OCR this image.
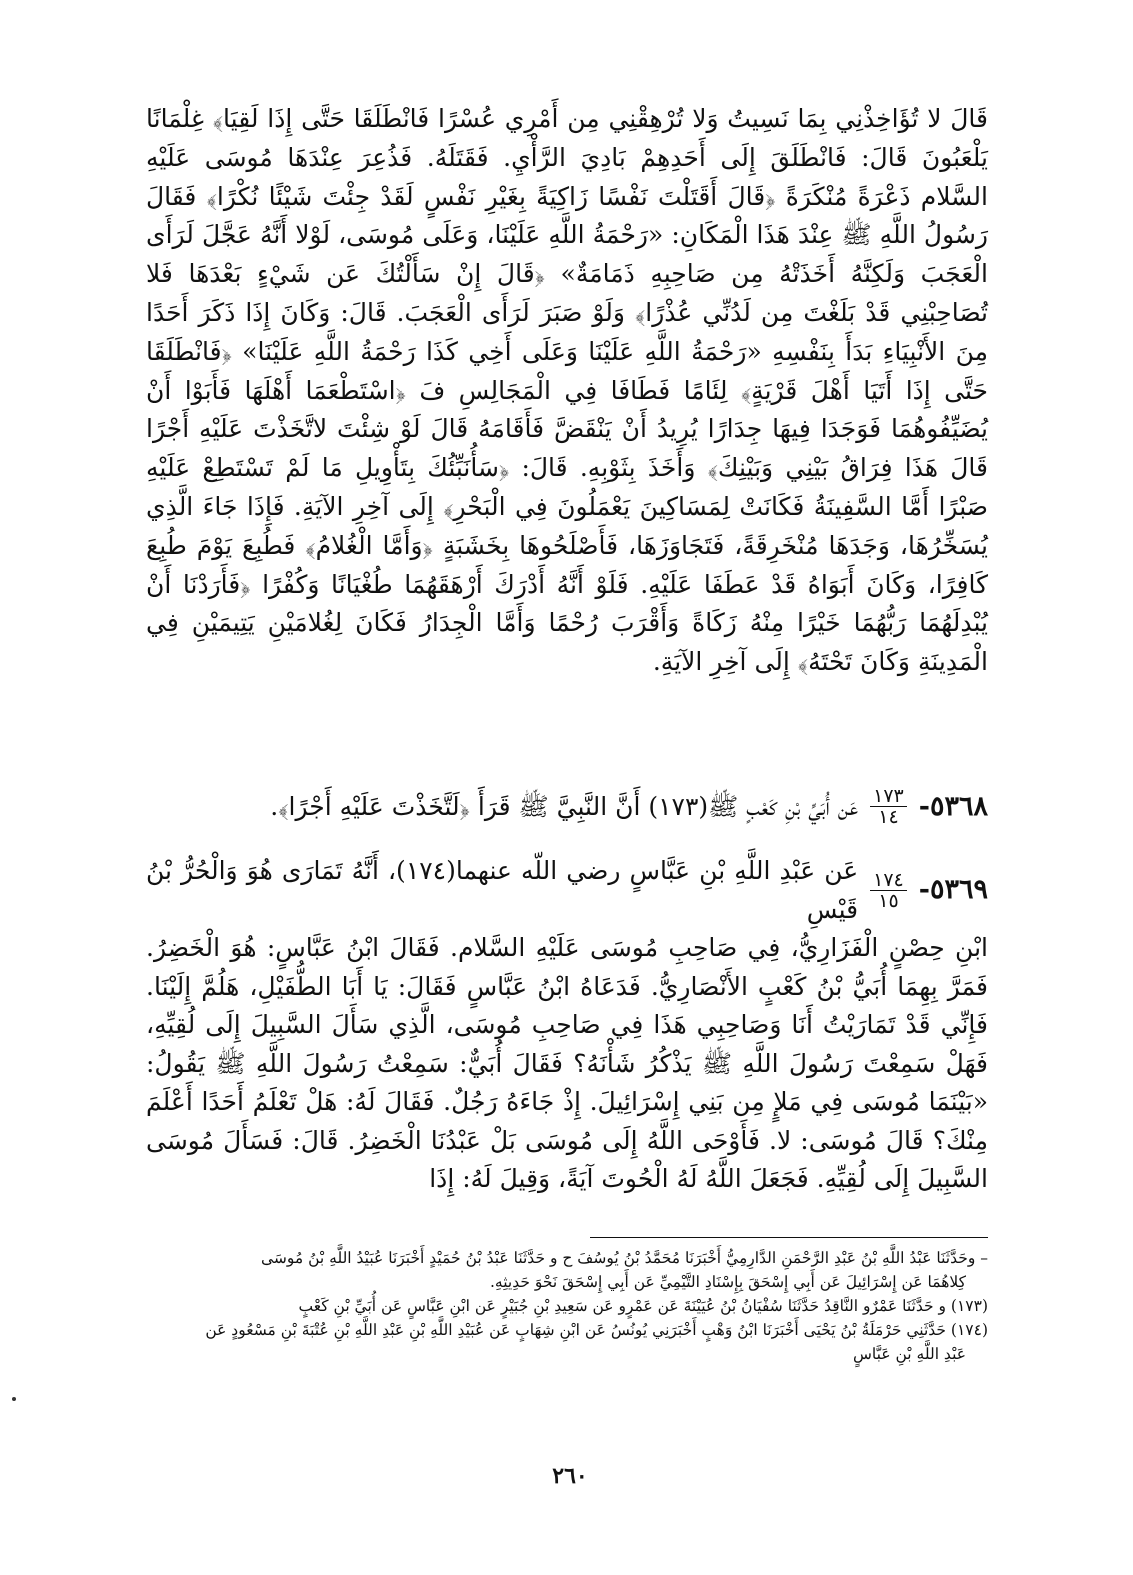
قَالَ لا تُؤَاخِذْنِي بِمَا نَسِيتُ وَلا تُرْهِقْنِي مِن أَمْرِي عُسْرًا فَانْطَلَقَا حَتَّى إِذَا لَقِيَا﴾ غِلْمَانًا يَلْعَبُونَ قَالَ: فَانْطَلَقَ إِلَى أَحَدِهِمْ بَادِيَ الرَّأْيِ. فَقَتَلَهُ. فَذُعِرَ عِنْدَهَا مُوسَى عَلَيْهِ السَّلام ذَعْرَةً مُنْكَرَةً ﴿قَالَ أَقَتَلْتَ نَفْسًا زَاكِيَةً بِغَيْرِ نَفْسٍ لَقَدْ جِئْتَ شَيْئًا نُكْرًا﴾ فَقَالَ رَسُولُ اللَّهِ ﷺ عِنْدَ هَذَا الْمَكَانِ: «رَحْمَةُ اللَّهِ عَلَيْنَا، وَعَلَى مُوسَى، لَوْلا أَنَّهُ عَجَّلَ لَرَأَى الْعَجَبَ وَلَكِنَّهُ أَخَذَتْهُ مِن صَاحِبِهِ ذَمَامَةٌ» ﴿قَالَ إِنْ سَأَلْتُكَ عَن شَيْءٍ بَعْدَهَا فَلا تُصَاحِبْنِي قَدْ بَلَغْتَ مِن لَدُنِّي عُذْرًا﴾ وَلَوْ صَبَرَ لَرَأَى الْعَجَبَ. قَالَ: وَكَانَ إِذَا ذَكَرَ أَحَدًا مِنَ الأَنْبِيَاءِ بَدَأَ بِنَفْسِهِ «رَحْمَةُ اللَّهِ عَلَيْنَا وَعَلَى أَخِي كَذَا رَحْمَةُ اللَّهِ عَلَيْنَا» ﴿فَانْطَلَقَا حَتَّى إِذَا أَتَيَا أَهْلَ قَرْيَةٍ﴾ لِئَامًا فَطَافَا فِي الْمَجَالِسِ فَ ﴿اسْتَطْعَمَا أَهْلَهَا فَأَبَوْا أَنْ يُضَيِّفُوهُمَا فَوَجَدَا فِيهَا جِدَارًا يُرِيدُ أَنْ يَنْقَضَّ فَأَقَامَهُ قَالَ لَوْ شِئْتَ لاتَّخَذْتَ عَلَيْهِ أَجْرًا قَالَ هَذَا فِرَاقُ بَيْنِي وَبَيْنِكَ﴾ وَأَخَذَ بِثَوْبِهِ. قَالَ: ﴿سَأُنَبِّئُكَ بِتَأْوِيلِ مَا لَمْ تَسْتَطِعْ عَلَيْهِ صَبْرًا أَمَّا السَّفِينَةُ فَكَانَتْ لِمَسَاكِينَ يَعْمَلُونَ فِي الْبَحْرِ﴾ إِلَى آخِرِ الآيَةِ. فَإِذَا جَاءَ الَّذِي يُسَخِّرُهَا، وَجَدَهَا مُنْخَرِقَةً، فَتَجَاوَزَهَا، فَأَصْلَحُوهَا بِخَشَبَةٍ ﴿وَأَمَّا الْغُلامُ﴾ فَطُبِعَ يَوْمَ طُبِعَ كَافِرًا، وَكَانَ أَبَوَاهُ قَدْ عَطَفَا عَلَيْهِ. فَلَوْ أَنَّهُ أَدْرَكَ أَرْهَقَهُمَا طُغْيَانًا وَكُفْرًا ﴿فَأَرَدْنَا أَنْ يُبْدِلَهُمَا رَبُّهُمَا خَيْرًا مِنْهُ زَكَاةً وَأَقْرَبَ رُحْمًا وَأَمَّا الْجِدَارُ فَكَانَ لِغُلامَيْنِ يَتِيمَيْنِ فِي الْمَدِينَةِ وَكَانَ تَحْتَهُ﴾ إِلَى آخِرِ الآيَةِ.

٥٣٦٨-
$\frac{١٧٣}{١٤}$
عَن أُبَيِّ بْنِ كَعْبٍ ﷺ(١٧٣) أَنَّ النَّبِيَّ ﷺ قَرَأَ ﴿لَتَّخَذْتَ عَلَيْهِ أَجْرًا﴾.
٥٣٦٩-
$\frac{١٧٤}{١٥}$
عَن عَبْدِ اللَّهِ بْنِ عَبَّاسٍ رضي اللّه عنهما(١٧٤)، أَنَّهُ تَمَارَى هُوَ وَالْحُرُّ بْنُ قَيْسِ

ابْنِ حِصْنٍ الْفَزَارِيُّ، فِي صَاحِبِ مُوسَى عَلَيْهِ السَّلام. فَقَالَ ابْنُ عَبَّاسٍ: هُوَ الْخَضِرُ. فَمَرَّ بِهِمَا أُبَيُّ بْنُ كَعْبٍ الأَنْصَارِيُّ. فَدَعَاهُ ابْنُ عَبَّاسٍ فَقَالَ: يَا أَبَا الطُّفَيْلِ، هَلُمَّ إِلَيْنَا. فَإِنِّي قَدْ تَمَارَيْتُ أَنَا وَصَاحِبِي هَذَا فِي صَاحِبِ مُوسَى، الَّذِي سَأَلَ السَّبِيلَ إِلَى لُقِيِّهِ، فَهَلْ سَمِعْتَ رَسُولَ اللَّهِ ﷺ يَذْكُرُ شَأْنَهُ؟ فَقَالَ أُبَيٌّ: سَمِعْتُ رَسُولَ اللَّهِ ﷺ يَقُولُ: «بَيْنَمَا مُوسَى فِي مَلإٍ مِن بَنِي إِسْرَائِيلَ. إِذْ جَاءَهُ رَجُلٌ. فَقَالَ لَهُ: هَلْ تَعْلَمُ أَحَدًا أَعْلَمَ مِنْكَ؟ قَالَ مُوسَى: لا. فَأَوْحَى اللَّهُ إِلَى مُوسَى بَلْ عَبْدُنَا الْخَضِرُ. قَالَ: فَسَأَلَ مُوسَى السَّبِيلَ إِلَى لُقِيِّهِ. فَجَعَلَ اللَّهُ لَهُ الْحُوتَ آيَةً، وَقِيلَ لَهُ: إِذَا

– وحَدَّثَنَا عَبْدُ اللَّهِ بْنُ عَبْدِ الرَّحْمَنِ الدَّارِمِيُّ أَخْبَرَنَا مُحَمَّدُ بْنُ يُوسُفَ ح و حَدَّثَنَا عَبْدُ بْنُ حُمَيْدٍ أَخْبَرَنَا عُبَيْدُ اللَّهِ بْنُ مُوسَى

كِلاهُمَا عَن إِسْرَائِيلَ عَن أَبِي إِسْحَقَ بِإِسْنَادِ التَّيْمِيِّ عَن أَبِي إِسْحَقَ نَحْوَ حَدِيثِهِ.

(١٧٣) و حَدَّثَنَا عَمْرٌو النَّاقِدُ حَدَّثَنَا سُفْيَانُ بْنُ عُيَيْنَةَ عَن عَمْرٍو عَن سَعِيدِ بْنِ جُبَيْرٍ عَن ابْنِ عَبَّاسٍ عَن أُبَيِّ بْنِ كَعْبٍ

(١٧٤) حَدَّثَنِي حَرْمَلَةُ بْنُ يَحْيَى أَخْبَرَنَا ابْنُ وَهْبٍ أَخْبَرَنِي يُونُسُ عَن ابْنِ شِهَابٍ عَن عُبَيْدِ اللَّهِ بْنِ عَبْدِ اللَّهِ بْنِ عُتْبَةَ بْنِ مَسْعُودٍ عَن

عَبْدِ اللَّهِ بْنِ عَبَّاسٍ

٢٦٠
